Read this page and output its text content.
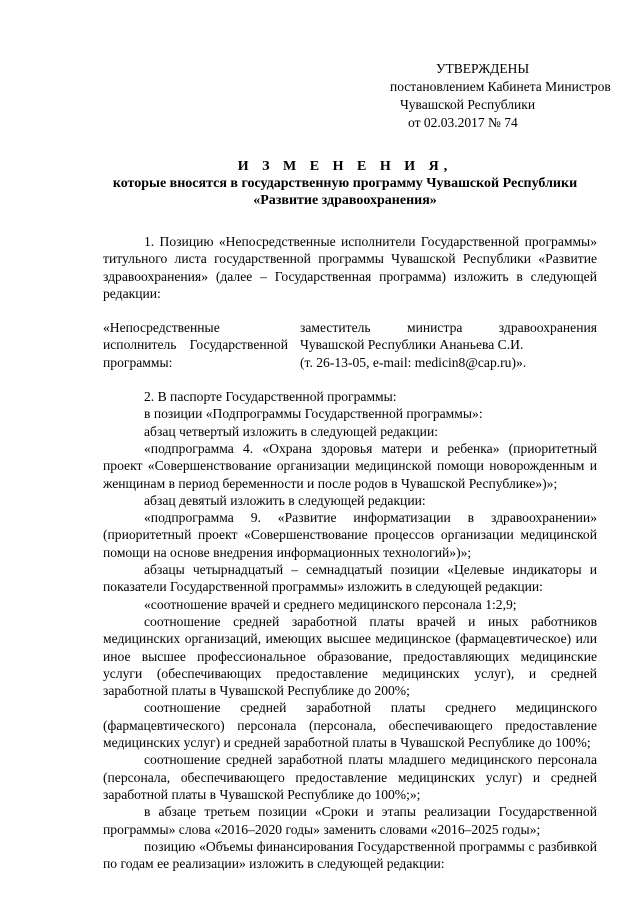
УТВЕРЖДЕНЫ
постановлением Кабинета Министров
Чувашской Республики
от 02.03.2017 № 74
И З М Е Н Е Н И Я,
которые вносятся в государственную программу Чувашской Республики
«Развитие здравоохранения»

1. Позицию «Непосредственные исполнители Государственной программы» титульного листа государственной программы Чувашской Республики «Развитие здравоохранения» (далее – Государственная программа) изложить в следующей редакции:

«Непосредственные исполнитель Государственной программы:
заместитель министра здравоохранения Чувашской Республики Ананьева С.И.
(т. 26-13-05, e-mail: medicin8@cap.ru)».

2. В паспорте Государственной программы:

в позиции «Подпрограммы Государственной программы»:

абзац четвертый изложить в следующей редакции:

«подпрограмма 4. «Охрана здоровья матери и ребенка» (приоритетный проект «Совершенствование организации медицинской помощи новорожденным и женщинам в период беременности и после родов в Чувашской Республике»)»;

абзац девятый изложить в следующей редакции:

«подпрограмма 9. «Развитие информатизации в здравоохранении» (приоритетный проект «Совершенствование процессов организации медицинской помощи на основе внедрения информационных технологий»)»;

абзацы четырнадцатый – семнадцатый позиции «Целевые индикаторы и показатели Государственной программы» изложить в следующей редакции:

«соотношение врачей и среднего медицинского персонала 1:2,9;

соотношение средней заработной платы врачей и иных работников медицинских организаций, имеющих высшее медицинское (фармацевтическое) или иное высшее профессиональное образование, предоставляющих медицинские услуги (обеспечивающих предоставление медицинских услуг), и средней заработной платы в Чувашской Республике до 200%;

соотношение средней заработной платы среднего медицинского (фармацевтического) персонала (персонала, обеспечивающего предоставление медицинских услуг) и средней заработной платы в Чувашской Республике до 100%;

соотношение средней заработной платы младшего медицинского персонала (персонала, обеспечивающего предоставление медицинских услуг) и средней заработной платы в Чувашской Республике до 100%;»;

в абзаце третьем позиции «Сроки и этапы реализации Государственной программы» слова «2016–2020 годы» заменить словами «2016–2025 годы»;

позицию «Объемы финансирования Государственной программы с разбивкой по годам ее реализации» изложить в следующей редакции:
